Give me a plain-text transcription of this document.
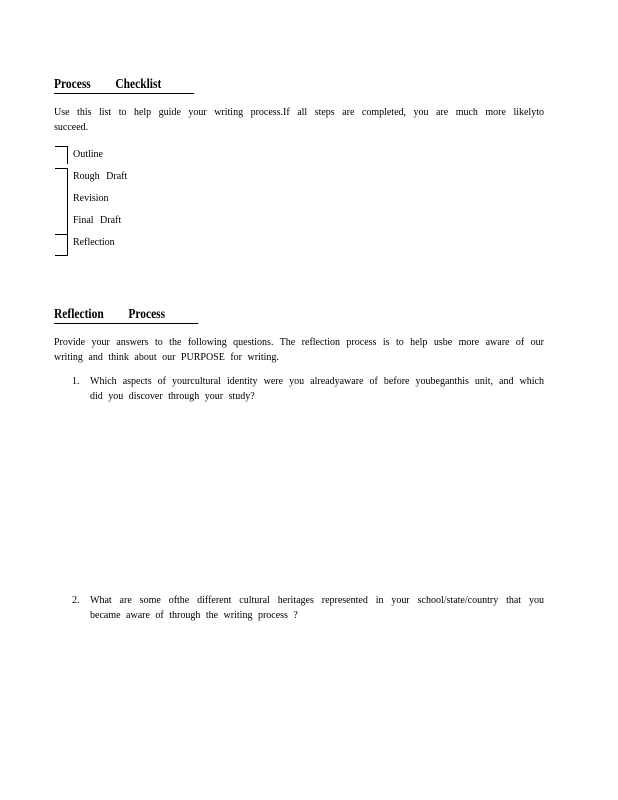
Process Checklist

Use this list to help guide your writing process.If all steps are completed, you are much more likelyto succeed.

Outline
Rough Draft
Revision
Final Draft
Reflection
Reflection Process

Provide your answers to the following questions. The reflection process is to help usbe more aware of our writing and think about our PURPOSE for writing.

1. Which aspects of yourcultural identity were you alreadyaware of before youbeganthis unit, and which did you discover through your study?
2. What are some ofthe different cultural heritages represented in your school/state/country that you became aware of through the writing process ?
